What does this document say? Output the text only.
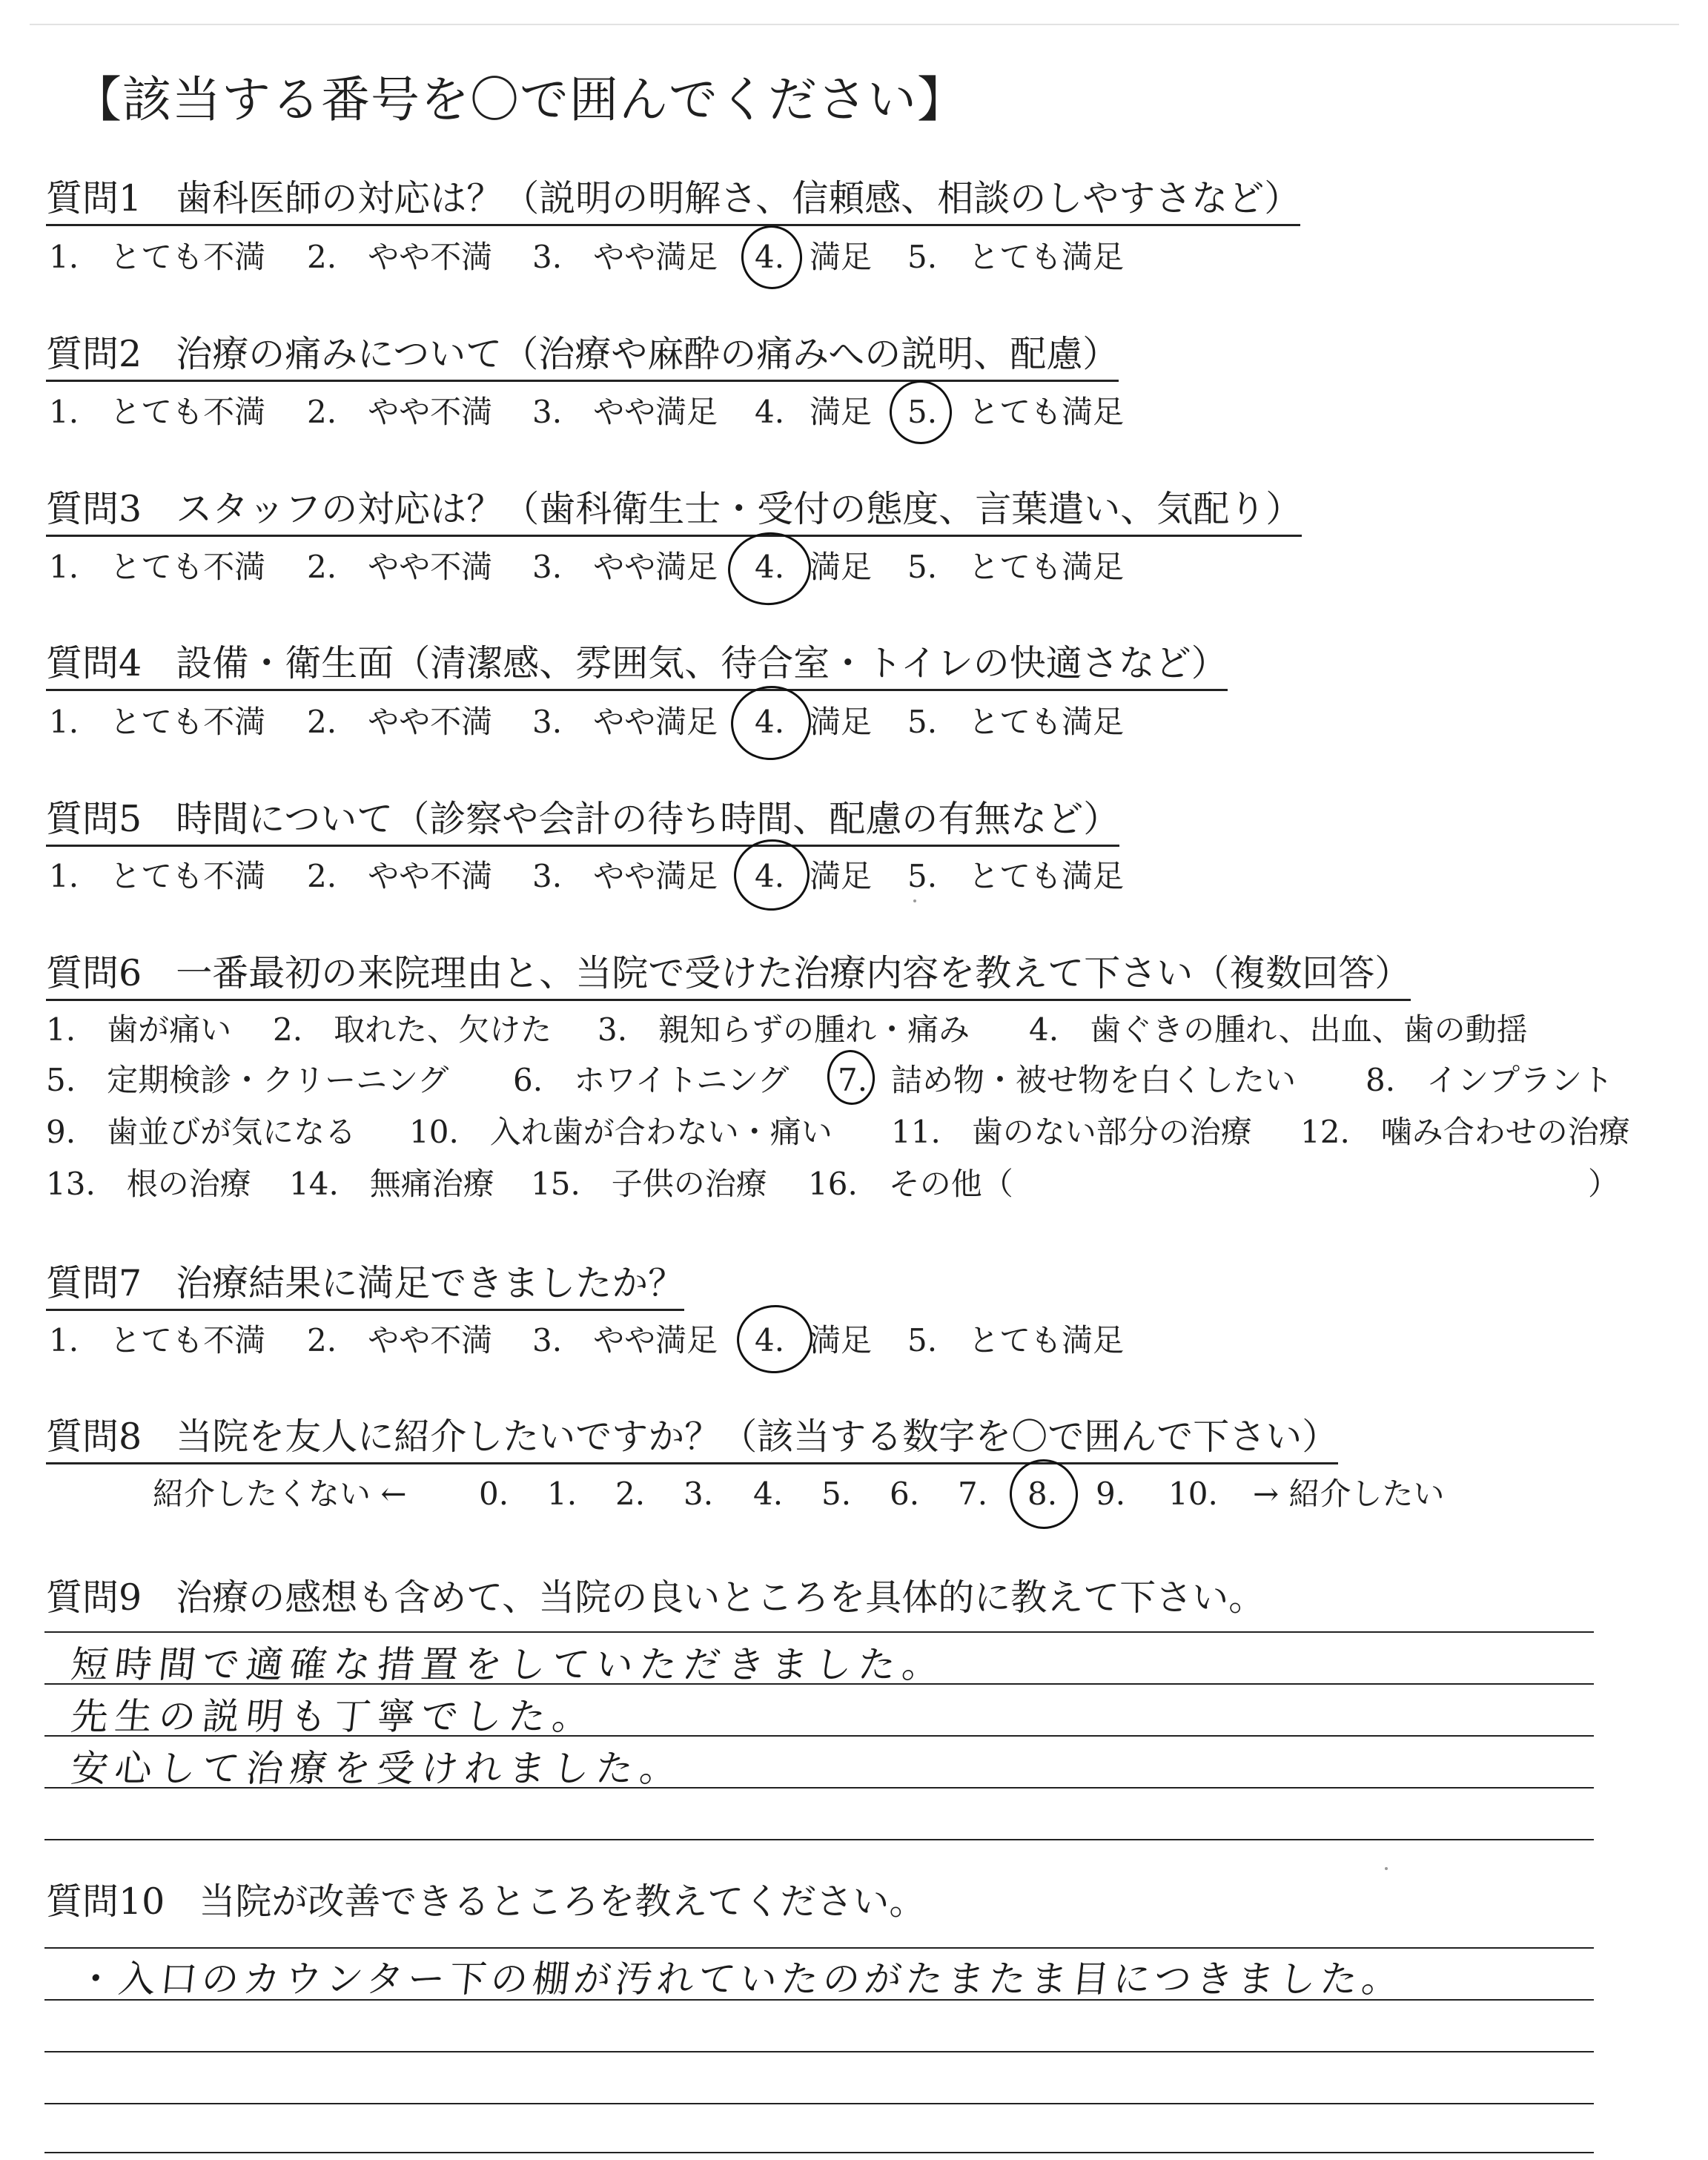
【該当する番号を〇で囲んでください】
質問1 歯科医師の対応は？（説明の明解さ、信頼感、相談のしやすさなど）
1.　とても不満 2.　やや不満 3.　やや満足 4. 満足 5.　とても満足
質問2 治療の痛みについて（治療や麻酔の痛みへの説明、配慮）
1.　とても不満 2.　やや不満 3.　やや満足 4. 満足 5.　とても満足
質問3 スタッフの対応は？（歯科衛生士・受付の態度、言葉遣い、気配り）
1.　とても不満 2.　やや不満 3.　やや満足 4. 満足 5.　とても満足
質問4 設備・衛生面（清潔感、雰囲気、待合室・トイレの快適さなど）
1.　とても不満 2.　やや不満 3.　やや満足 4. 満足 5.　とても満足
質問5 時間について（診察や会計の待ち時間、配慮の有無など）
1.　とても不満 2.　やや不満 3.　やや満足 4. 満足 5.　とても満足
質問6 一番最初の来院理由と、当院で受けた治療内容を教えて下さい（複数回答）
1.　歯が痛い 2.　取れた、欠けた 3.　親知らずの腫れ・痛み 4.　歯ぐきの腫れ、出血、歯の動揺
5.　定期検診・クリーニング 6.　ホワイトニング 7. 詰め物・被せ物を白くしたい 8.　インプラント
9.　歯並びが気になる 10.　入れ歯が合わない・痛い 11.　歯のない部分の治療 12.　噛み合わせの治療
13.　根の治療 14.　無痛治療 15.　子供の治療 16.　その他（	）
質問7 治療結果に満足できましたか？
1.　とても不満 2.　やや不満 3.　やや満足 4. 満足 5.　とても満足
質問8 当院を友人に紹介したいですか？（該当する数字を〇で囲んで下さい）
紹介したくない ← 0. 1. 2. 3. 4. 5. 6. 7. 8. 9. 10. → 紹介したい
質問9 治療の感想も含めて、当院の良いところを具体的に教えて下さい。
短時間で適確な措置をしていただきました。
先生の説明も丁寧でした。
安心して治療を受けれました。
質問10 当院が改善できるところを教えてください。
・入口のカウンター下の棚が汚れていたのがたまたま目につきました。
